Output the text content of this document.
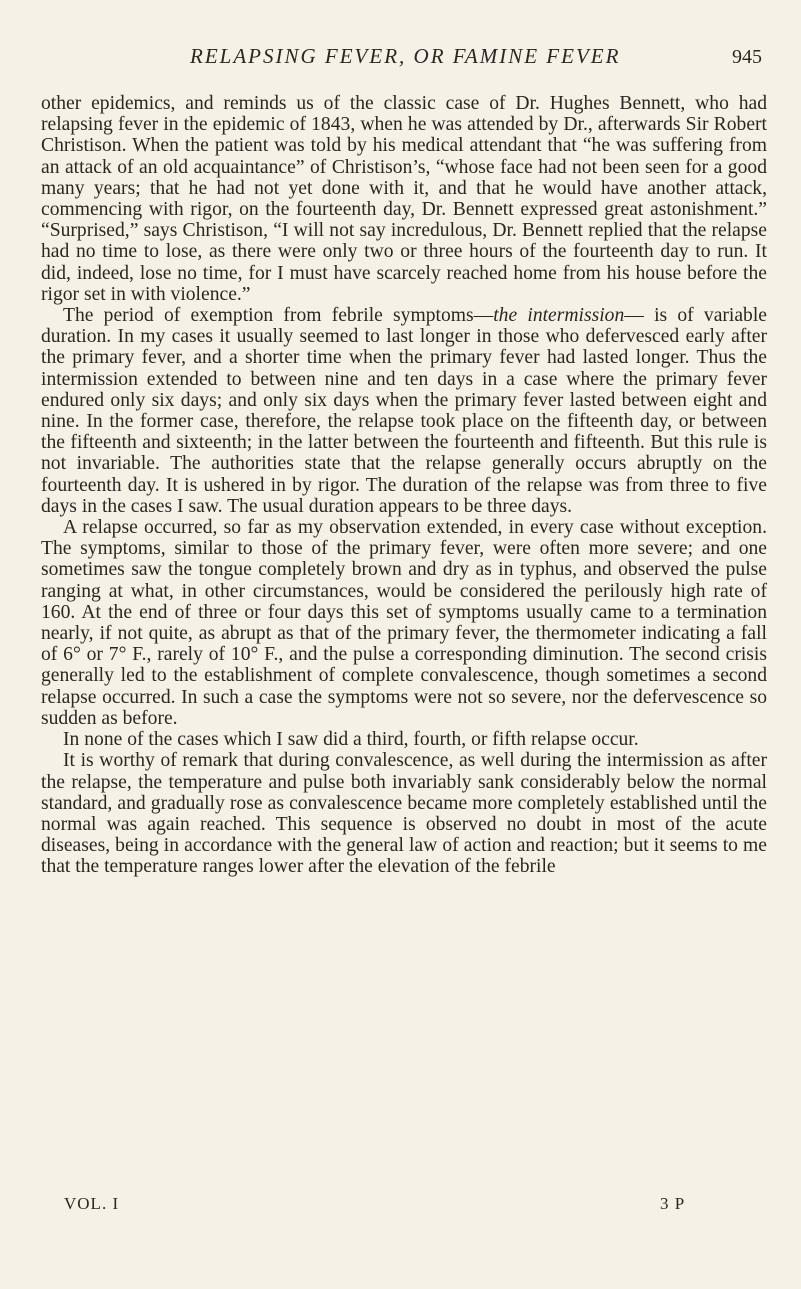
RELAPSING FEVER, OR FAMINE FEVER	945

other epidemics, and reminds us of the classic case of Dr. Hughes Bennett, who had relapsing fever in the epidemic of 1843, when he was attended by Dr., afterwards Sir Robert Christison. When the patient was told by his medical attendant that “he was suffering from an attack of an old acquaintance” of Christison’s, “whose face had not been seen for a good many years; that he had not yet done with it, and that he would have another attack, commencing with rigor, on the fourteenth day, Dr. Bennett expressed great astonishment.” “Surprised,” says Christison, “I will not say incredulous, Dr. Bennett replied that the relapse had no time to lose, as there were only two or three hours of the fourteenth day to run. It did, indeed, lose no time, for I must have scarcely reached home from his house before the rigor set in with violence.”

The period of exemption from febrile symptoms—the intermission— is of variable duration. In my cases it usually seemed to last longer in those who defervesced early after the primary fever, and a shorter time when the primary fever had lasted longer. Thus the intermission extended to between nine and ten days in a case where the primary fever endured only six days; and only six days when the primary fever lasted between eight and nine. In the former case, therefore, the relapse took place on the fifteenth day, or between the fifteenth and sixteenth; in the latter between the fourteenth and fifteenth. But this rule is not invariable. The authorities state that the relapse generally occurs abruptly on the fourteenth day. It is ushered in by rigor. The duration of the relapse was from three to five days in the cases I saw. The usual duration appears to be three days.

A relapse occurred, so far as my observation extended, in every case without exception. The symptoms, similar to those of the primary fever, were often more severe; and one sometimes saw the tongue completely brown and dry as in typhus, and observed the pulse ranging at what, in other circumstances, would be considered the perilously high rate of 160. At the end of three or four days this set of symptoms usually came to a termination nearly, if not quite, as abrupt as that of the primary fever, the thermometer indicating a fall of 6° or 7° F., rarely of 10° F., and the pulse a corresponding diminution. The second crisis generally led to the establishment of complete convalescence, though sometimes a second relapse occurred. In such a case the symptoms were not so severe, nor the defervescence so sudden as before.

In none of the cases which I saw did a third, fourth, or fifth relapse occur.

It is worthy of remark that during convalescence, as well during the intermission as after the relapse, the temperature and pulse both invariably sank considerably below the normal standard, and gradually rose as convalescence became more completely established until the normal was again reached. This sequence is observed no doubt in most of the acute diseases, being in accordance with the general law of action and reaction; but it seems to me that the temperature ranges lower after the elevation of the febrile

VOL. I	3 P
